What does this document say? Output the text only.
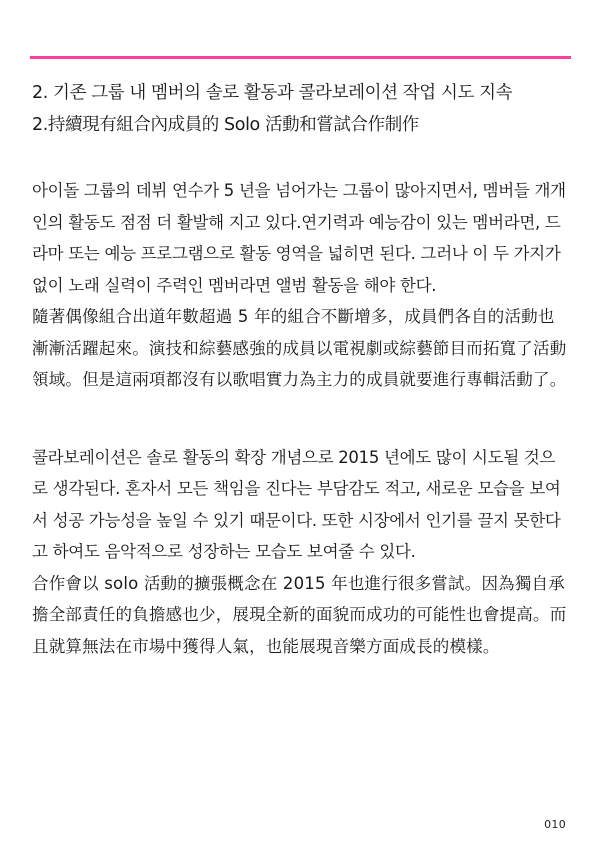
2. 기존 그룹 내 멤버의 솔로 활동과 콜라보레이션 작업 시도 지속
2.持續現有組合內成員的 Solo 活動和嘗試合作制作

아이돌 그룹의 데뷔 연수가 5 년을 넘어가는 그룹이 많아지면서, 멤버들 개개인의 활동도 점점 더 활발해 지고 있다.연기력과 예능감이 있는 멤버라면, 드라마 또는 예능 프로그램으로 활동 영역을 넓히면 된다. 그러나 이 두 가지가 없이 노래 실력이 주력인 멤버라면 앨범 활동을 해야 한다.

隨著偶像組合出道年數超過 5 年的組合不斷增多，成員們各自的活動也漸漸活躍起來。演技和綜藝感強的成員以電視劇或綜藝節目而拓寬了活動領域。但是這兩項都沒有以歌唱實力為主力的成員就要進行專輯活動了。

콜라보레이션은 솔로 활동의 확장 개념으로 2015 년에도 많이 시도될 것으로 생각된다. 혼자서 모든 책임을 진다는 부담감도 적고, 새로운 모습을 보여서 성공 가능성을 높일 수 있기 때문이다. 또한 시장에서 인기를 끌지 못한다고 하여도 음악적으로 성장하는 모습도 보여줄 수 있다.

合作會以 solo 活動的擴張概念在 2015 年也進行很多嘗試。因為獨自承擔全部責任的負擔感也少，展現全新的面貌而成功的可能性也會提高。而且就算無法在市場中獲得人氣，也能展現音樂方面成長的模樣。

010
